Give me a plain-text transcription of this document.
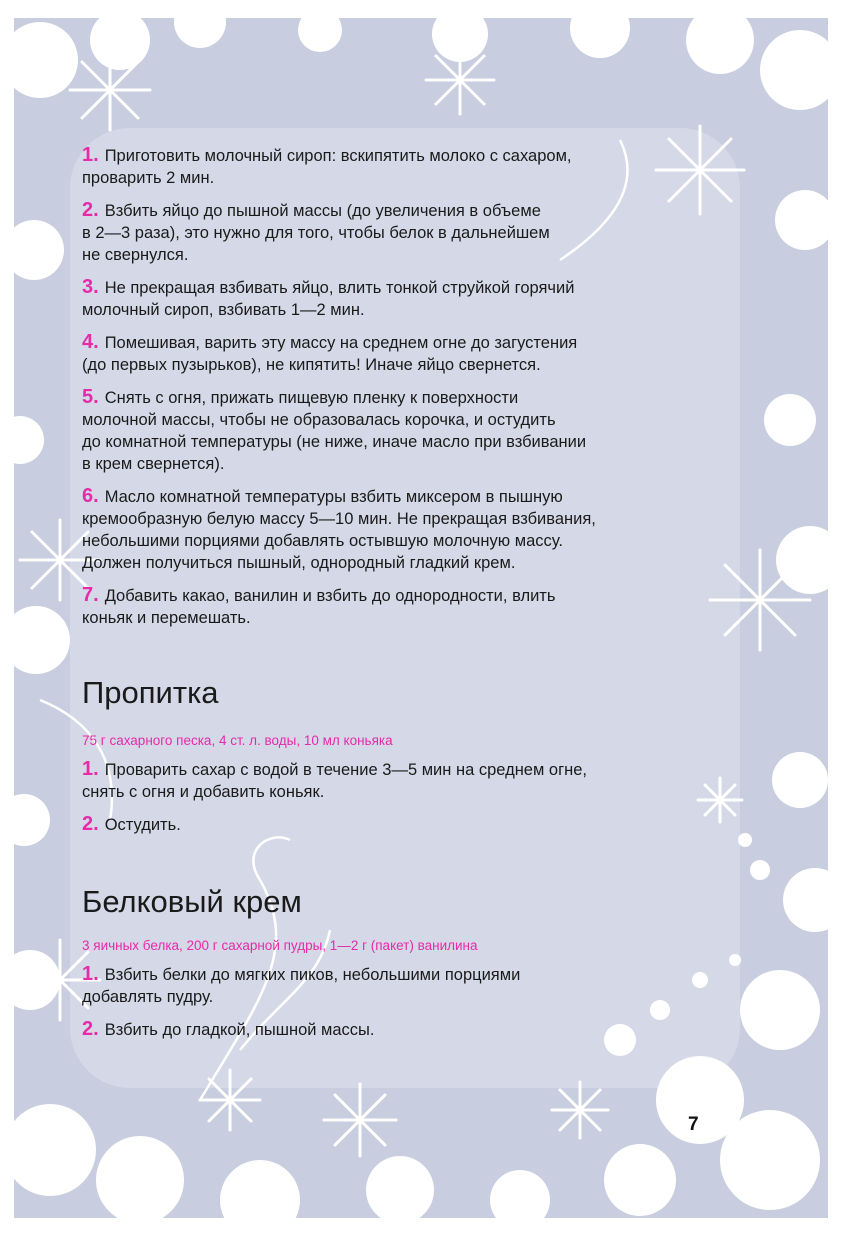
1. Приготовить молочный сироп: вскипятить молоко с сахаром,
проварить 2 мин.

2. Взбить яйцо до пышной массы (до увеличения в объеме
в 2—3 раза), это нужно для того, чтобы белок в дальнейшем
не свернулся.

3. Не прекращая взбивать яйцо, влить тонкой струйкой горячий
молочный сироп, взбивать 1—2 мин.

4. Помешивая, варить эту массу на среднем огне до загустения
(до первых пузырьков), не кипятить! Иначе яйцо свернется.

5. Снять с огня, прижать пищевую пленку к поверхности
молочной массы, чтобы не образовалась корочка, и остудить
до комнатной температуры (не ниже, иначе масло при взбивании
в крем свернется).

6. Масло комнатной температуры взбить миксером в пышную
кремообразную белую массу 5—10 мин. Не прекращая взбивания,
небольшими порциями добавлять остывшую молочную массу.
Должен получиться пышный, однородный гладкий крем.

7. Добавить какао, ванилин и взбить до однородности, влить
коньяк и перемешать.

Пропитка

75 г сахарного песка, 4 ст. л. воды, 10 мл коньяка

1. Проварить сахар с водой в течение 3—5 мин на среднем огне,
снять с огня и добавить коньяк.

2. Остудить.

Белковый крем

3 яичных белка, 200 г сахарной пудры, 1—2 г (пакет) ванилина

1. Взбить белки до мягких пиков, небольшими порциями
добавлять пудру.

2. Взбить до гладкой, пышной массы.

7
